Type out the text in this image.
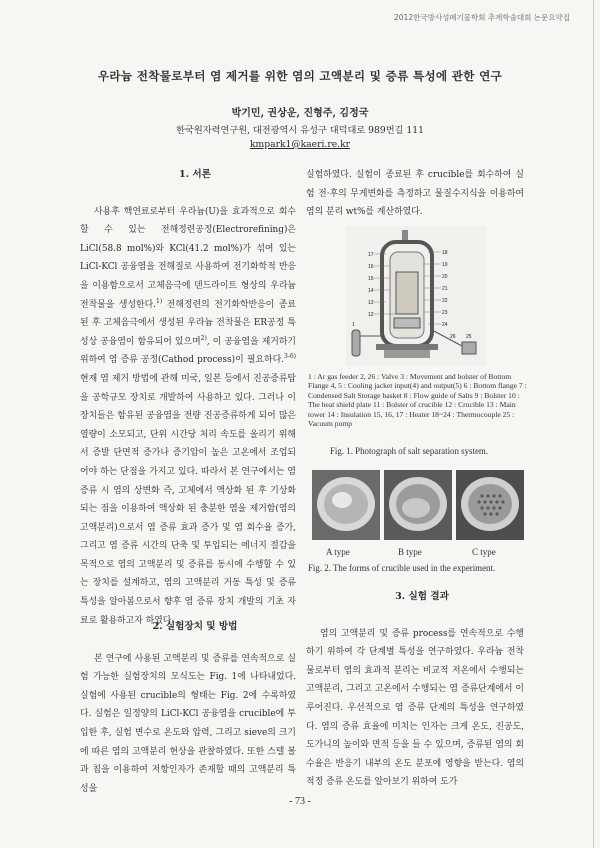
2012한국방사성폐기물학회 추계학술대회 논문요약집
우라늄 전착물로부터 염 제거를 위한 염의 고액분리 및 증류 특성에 관한 연구
박기민, 권상운, 진형주, 김정국
한국원자력연구원, 대전광역시 유성구 대덕대로 989번길 111
kmpark1@kaeri.re.kr

1. 서론

사용후 핵연료로부터 우라늄(U)을 효과적으로 회수할 수 있는 전해정련공정(Electrorefining)은 LiCl(58.8 mol%)와 KCl(41.2 mol%)가 섞여 있는 LiCl-KCl 공융염을 전해질로 사용하여 전기화학적 반응을 이용함으로서 고체음극에 덴드라이트 형상의 우라늄 전착물을 생성한다.$^{1)}$ 전해정련의 전기화학반응이 종료된 후 고체음극에서 생성된 우라늄 전착물은 ER공정 특성상 공융염이 함유되어 있으며$^{2)}$, 이 공융염을 제거하기 위하여 염 증류 공정(Cathod process)이 필요하다.$^{3-6)}$ 현재 염 제거 방법에 관해 미국, 일본 등에서 진공증류탑을 공학규모 장치로 개발하여 사용하고 있다. 그러나 이 장치들은 함유된 공융염을 전량 진공증류하게 되어 많은 열량이 소모되고, 단위 시간당 처리 속도를 올리기 위해서 증발 단면적 증가나 증기압이 높은 고온에서 조업되어야 하는 단점을 가지고 있다. 따라서 본 연구에서는 염 증류 시 염의 상변화 즉, 고체에서 액상화 된 후 기상화 되는 점을 이용하여 액상화 된 충분한 염을 제거함(염의 고액분리)으로서 염 증류 효과 증가 및 염 회수율 증가, 그리고 염 증류 시간의 단축 및 투입되는 에너지 절감을 목적으로 염의 고액분리 및 증류를 동시에 수행할 수 있는 장치를 설계하고, 염의 고액분리 거동 특성 및 증류 특성을 알아봄으로서 향후 염 증류 장치 개발의 기초 자료로 활용하고자 하였다.

2. 실험장치 및 방법

본 연구에 사용된 고액분리 및 증류를 연속적으로 실험 가능한 실험장치의 모식도는 Fig. 1에 나타내었다. 실험에 사용된 crucible의 형태는 Fig. 2에 수록하였다. 실험은 일정양의 LiCl-KCl 공융염을 crucible에 투입한 후, 실험 변수로 온도와 압력, 그리고 sieve의 크기에 따른 염의 고액분리 현상을 관찰하였다. 또한 스텔 볼과 칩을 이용하여 저항인자가 존재할 때의 고액분리 특성을

실험하였다. 실험이 종료된 후 crucible를 회수하여 실험 전·후의 무게변화를 측정하고 물질수지식을 이용하여 염의 분리 wt%를 계산하였다.

17
16
15
14
13
12
1
18
19
20
21
22
23
24
25
26
1 : Ar gas feeder 2, 26 : Valve 3 : Movement and bolster of Bottom Flange 4, 5 : Cooling jacket input(4) and output(5) 6 : Bottom flange 7 : Condensed Salt Storage basket 8 : Flow guide of Salts 9 : Bolster 10 : The heat shield plate 11 : Bolster of crucible 12 : Crucible 13 : Main tower 14 : Insulation 15, 16, 17 : Heater 18~24 : Thermocouple 25 : Vacuum pump
Fig. 1. Photograph of salt separation system.
A type	B type	C type
Fig. 2. The forms of crucible used in the experiment.

3. 실험 결과

염의 고액분리 및 증류 process를 연속적으로 수행하기 위하여 각 단계별 특성을 연구하였다. 우라늄 전착물로부터 염의 효과적 분리는 비교적 저온에서 수행되는 고액분리, 그리고 고온에서 수행되는 염 증류단계에서 이루어진다. 우선적으로 염 증류 단계의 특성을 연구하였다. 염의 증류 효율에 미치는 인자는 크게 온도, 진공도, 도가니의 높이와 면적 등을 들 수 있으며, 증류된 염의 회수율은 반응기 내부의 온도 분포에 영향을 받는다. 염의 적정 증류 온도를 알아보기 위하여 도가

- 73 -
